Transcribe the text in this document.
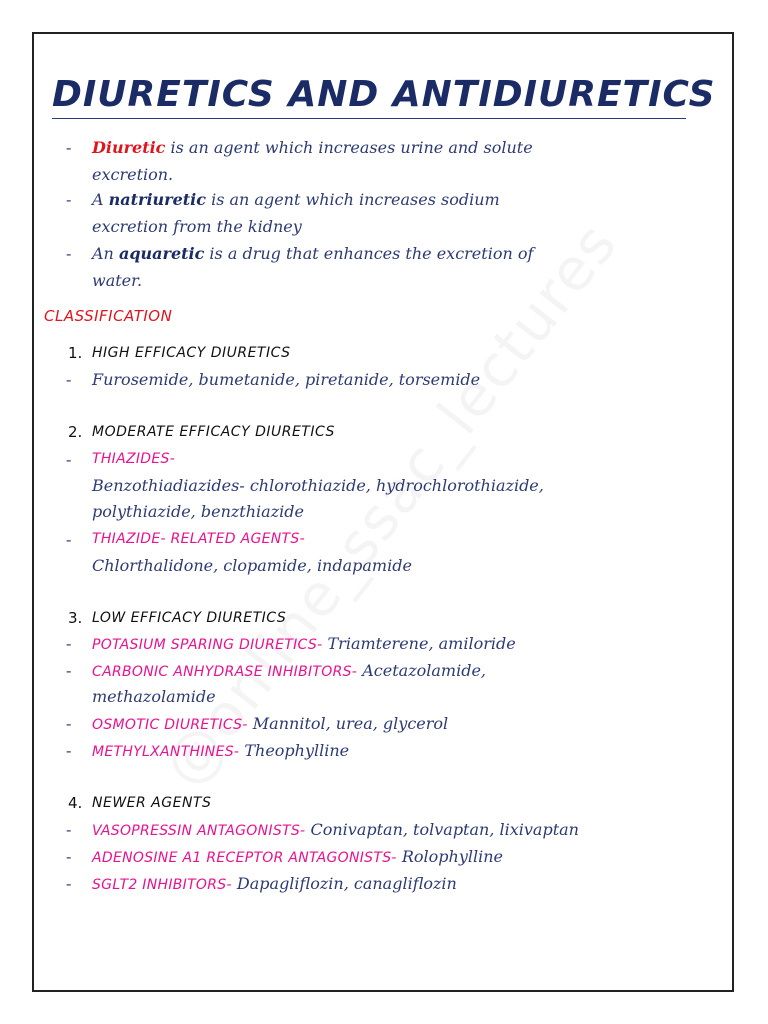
DIURETICS AND ANTIDIURETICS
- Diuretic is an agent which increases urine and solute
excretion.
- A natriuretic is an agent which increases sodium
excretion from the kidney
- An aquaretic is a drug that enhances the excretion of
water.
CLASSIFICATION
1. HIGH EFFICACY DIURETICS
- Furosemide, bumetanide, piretanide, torsemide
2. MODERATE EFFICACY DIURETICS
- THIAZIDES-
Benzothiadiazides- chlorothiazide, hydrochlorothiazide,
polythiazide, benzthiazide
- THIAZIDE- RELATED AGENTS-
Chlorthalidone, clopamide, indapamide
3. LOW EFFICACY DIURETICS
- POTASIUM SPARING DIURETICS- Triamterene, amiloride
- CARBONIC ANHYDRASE INHIBITORS- Acetazolamide,
methazolamide
- OSMOTIC DIURETICS- Mannitol, urea, glycerol
- METHYLXANTHINES- Theophylline
4. NEWER AGENTS
- VASOPRESSIN ANTAGONISTS- Conivaptan, tolvaptan, lixivaptan
- ADENOSINE A1 RECEPTOR ANTAGONISTS- Rolophylline
- SGLT2 INHIBITORS- Dapagliflozin, canagliflozin
